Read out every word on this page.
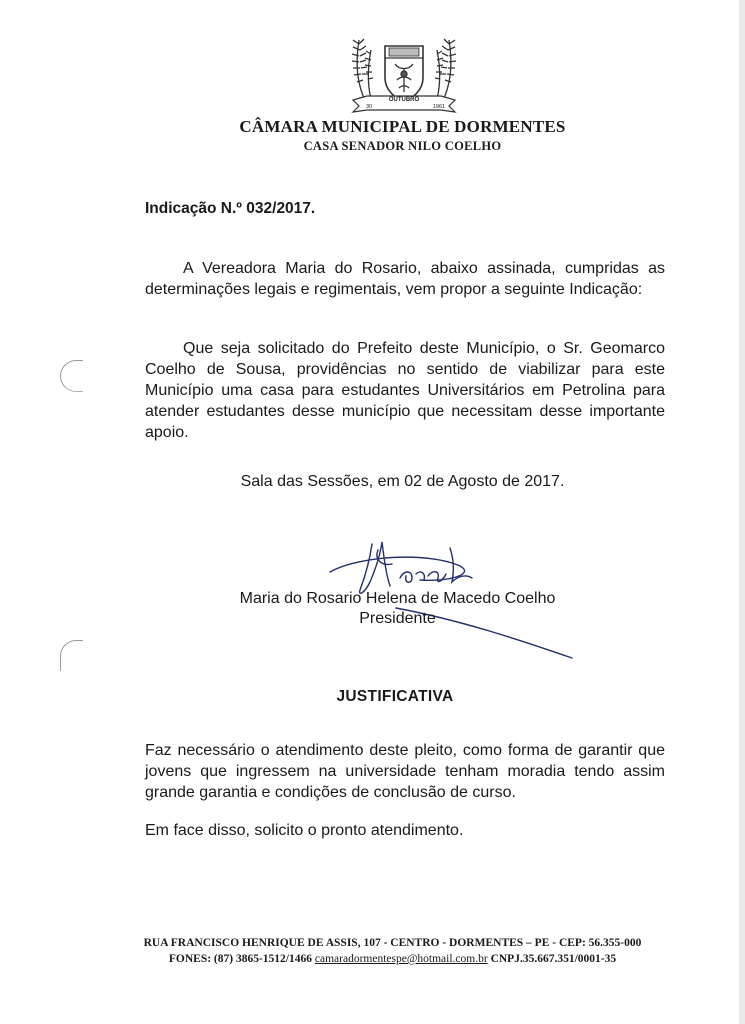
OUTUBRO
30	1961
CÂMARA MUNICIPAL DE DORMENTES
CASA SENADOR NILO COELHO
Indicação N.º 032/2017.
A Vereadora Maria do Rosario, abaixo assinada, cumpridas as determinações legais e regimentais, vem propor a seguinte Indicação:
Que seja solicitado do Prefeito deste Município, o Sr. Geomarco Coelho de Sousa, providências no sentido de viabilizar para este Município uma casa para estudantes Universitários em Petrolina para atender estudantes desse município que necessitam desse importante apoio.
Sala das Sessões, em 02 de Agosto de 2017.
Maria do Rosario Helena de Macedo Coelho
Presidente
JUSTIFICATIVA
Faz necessário o atendimento deste pleito, como forma de garantir que jovens que ingressem na universidade tenham moradia tendo assim grande garantia e condições de conclusão de curso.
Em face disso, solicito o pronto atendimento.
RUA FRANCISCO HENRIQUE DE ASSIS, 107 - CENTRO - DORMENTES – PE - CEP: 56.355-000
FONES: (87) 3865-1512/1466 camaradormentespe@hotmail.com.br CNPJ.35.667.351/0001-35
